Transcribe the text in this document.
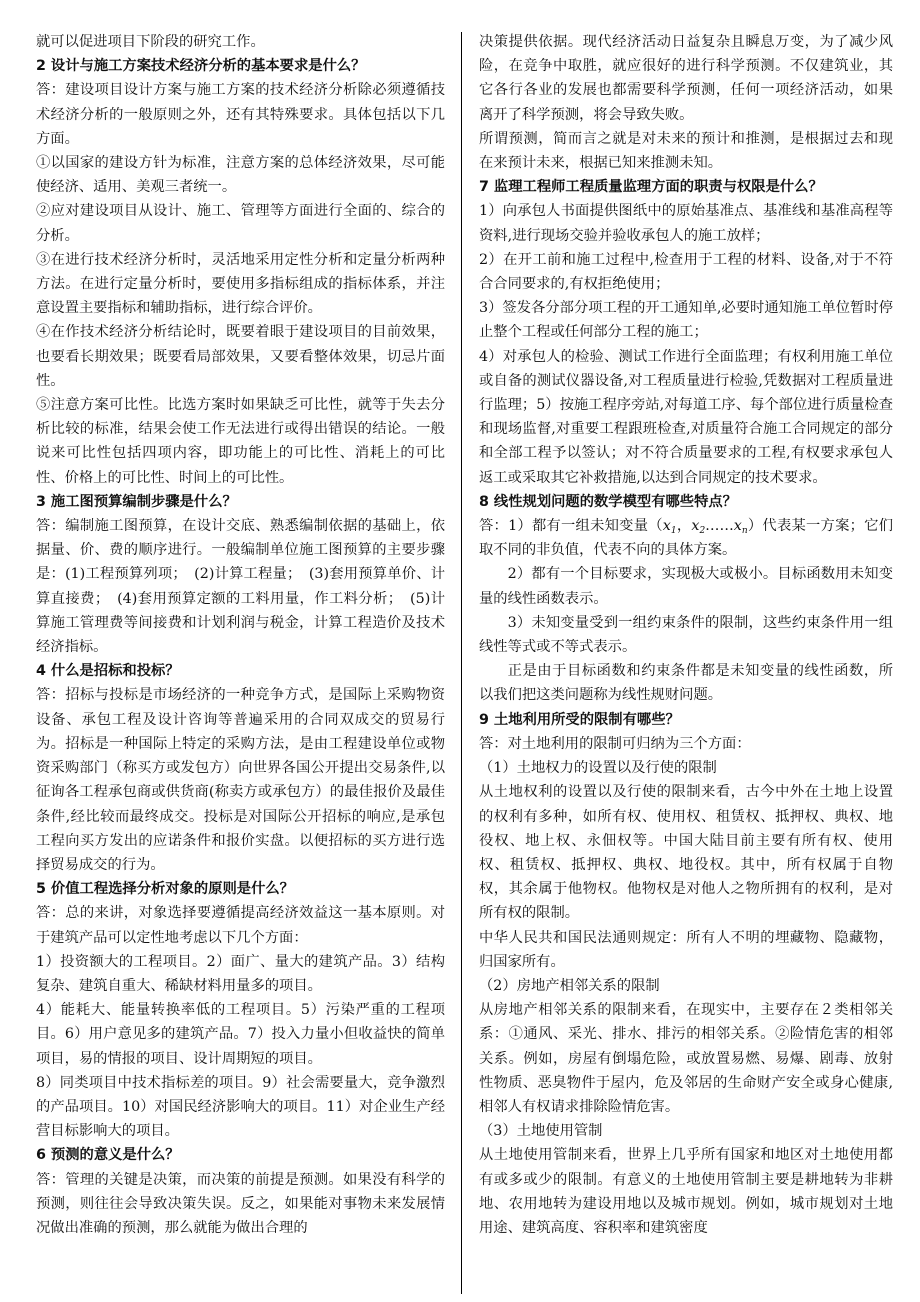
就可以促进项目下阶段的研究工作。

2 设计与施工方案技术经济分析的基本要求是什么？

答：建设项目设计方案与施工方案的技术经济分析除必须遵循技术经济分析的一般原则之外，还有其特殊要求。具体包括以下几方面。

①以国家的建设方针为标准，注意方案的总体经济效果，尽可能使经济、适用、美观三者统一。

②应对建设项目从设计、施工、管理等方面进行全面的、综合的分析。

③在进行技术经济分析时，灵活地采用定性分析和定量分析两种方法。在进行定量分析时，要使用多指标组成的指标体系，并注意设置主要指标和辅助指标，进行综合评价。

④在作技术经济分析结论时，既要着眼于建设项目的目前效果，也要看长期效果；既要看局部效果，又要看整体效果，切忌片面性。

⑤注意方案可比性。比选方案时如果缺乏可比性，就等于失去分析比较的标准，结果会使工作无法进行或得出错误的结论。一般说来可比性包括四项内容，即功能上的可比性、消耗上的可比性、价格上的可比性、时间上的可比性。

3 施工图预算编制步骤是什么？

答：编制施工图预算，在设计交底、熟悉编制依据的基础上，依据量、价、费的顺序进行。一般编制单位施工图预算的主要步骤是：(1)工程预算列项；　(2)计算工程量；　(3)套用预算单价、计算直接费；　(4)套用预算定额的工料用量，作工料分析；　(5)计算施工管理费等间接费和计划利润与税金，计算工程造价及技术经济指标。

4 什么是招标和投标？

答：招标与投标是市场经济的一种竞争方式，是国际上采购物资设备、承包工程及设计咨询等普遍采用的合同双成交的贸易行为。招标是一种国际上特定的采购方法，是由工程建设单位或物资采购部门（称买方或发包方）向世界各国公开提出交易条件,以征询各工程承包商或供货商(称卖方或承包方）的最佳报价及最佳条件,经比较而最终成交。投标是对国际公开招标的响应,是承包工程向买方发出的应诺条件和报价实盘。以便招标的买方进行选择贸易成交的行为。

5 价值工程选择分析对象的原则是什么？

答：总的来讲，对象选择要遵循提高经济效益这一基本原则。对于建筑产品可以定性地考虑以下几个方面：

1）投资额大的工程项目。2）面广、量大的建筑产品。3）结构复杂、建筑自重大、稀缺材料用量多的项目。

4）能耗大、能量转换率低的工程项目。5）污染严重的工程项目。6）用户意见多的建筑产品。7）投入力量小但收益快的简单项目，易的情报的项目、设计周期短的项目。

8）同类项目中技术指标差的项目。9）社会需要量大，竞争激烈的产品项目。10）对国民经济影响大的项目。11）对企业生产经营目标影响大的项目。

6 预测的意义是什么？

答：管理的关键是决策，而决策的前提是预测。如果没有科学的预测，则往往会导致决策失误。反之，如果能对事物未来发展情况做出准确的预测，那么就能为做出合理的

决策提供依据。现代经济活动日益复杂且瞬息万变，为了减少风险，在竞争中取胜，就应很好的进行科学预测。不仅建筑业，其它各行各业的发展也都需要科学预测，任何一项经济活动，如果离开了科学预测，将会导致失败。

所谓预测，简而言之就是对未来的预计和推测，是根据过去和现在来预计未来，根据已知来推测未知。

7 监理工程师工程质量监理方面的职责与权限是什么？

1）向承包人书面提供图纸中的原始基准点、基准线和基准高程等资料,进行现场交验并验收承包人的施工放样；

2）在开工前和施工过程中,检查用于工程的材料、设备,对于不符合合同要求的,有权拒绝使用；

3）签发各分部分项工程的开工通知单,必要时通知施工单位暂时停止整个工程或任何部分工程的施工；

4）对承包人的检验、测试工作进行全面监理；有权利用施工单位或自备的测试仪器设备,对工程质量进行检验,凭数据对工程质量进行监理；5）按施工程序旁站,对每道工序、每个部位进行质量检查和现场监督,对重要工程跟班检查,对质量符合施工合同规定的部分和全部工程予以签认；对不符合质量要求的工程,有权要求承包人返工或采取其它补救措施,以达到合同规定的技术要求。

8 线性规划问题的数学模型有哪些特点？

答：1）都有一组未知变量（$x_1$，$x_2\dots\dots x_n$）代表某一方案；它们取不同的非负值，代表不向的具体方案。

2）都有一个目标要求，实现极大或极小。目标函数用未知变量的线性函数表示。

3）未知变量受到一组约束条件的限制，这些约束条件用一组线性等式或不等式表示。

正是由于目标函数和约束条件都是未知变量的线性函数，所以我们把这类问题称为线性规财问题。

9 土地利用所受的限制有哪些？

答：对土地利用的限制可归纳为三个方面：

（1）土地权力的设置以及行使的限制

从土地权利的设置以及行使的限制来看，古今中外在土地上设置的权利有多种，如所有权、使用权、租赁权、抵押权、典权、地役权、地上权、永佃权等。中国大陆目前主要有所有权、使用权、租赁权、抵押权、典权、地役权。其中，所有权属于自物权，其余属于他物权。他物权是对他人之物所拥有的权利，是对所有权的限制。

中华人民共和国民法通则规定：所有人不明的埋藏物、隐藏物，归国家所有。

（2）房地产相邻关系的限制

从房地产相邻关系的限制来看，在现实中，主要存在２类相邻关系：①通风、采光、排水、排污的相邻关系。②险情危害的相邻关系。例如，房屋有倒塌危险，或放置易燃、易爆、剧毒、放射性物质、恶臭物件于屋内，危及邻居的生命财产安全或身心健康,相邻人有权请求排除险情危害。

（3）土地使用管制

从土地使用管制来看，世界上几乎所有国家和地区对土地使用都有或多或少的限制。有意义的土地使用管制主要是耕地转为非耕地、农用地转为建设用地以及城市规划。例如，城市规划对土地用途、建筑高度、容积率和建筑密度
